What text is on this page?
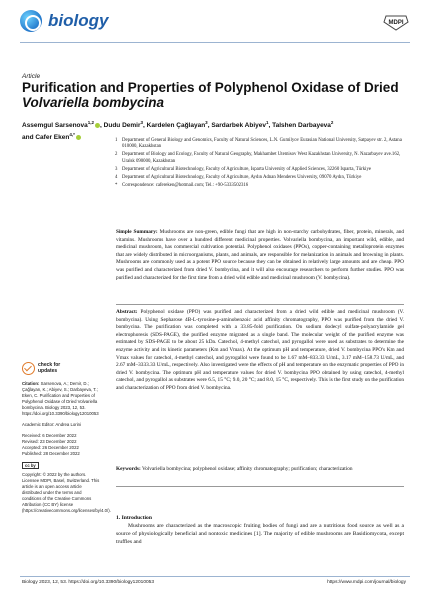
biology	MDPI
Article
Purification and Properties of Polyphenol Oxidase of Dried
Volvariella bombycina
Assemgul Sarsenova$^{1,2}$ , Dudu Demir$^3$, Kardelen Çağlayan$^3$, Sardarbek Abiyev$^1$, Talshen Darbayeva$^2$
and Cafer Eken$^{4,*}$
1 Department of General Biology and Genomics, Faculty of Natural Sciences, L.N. Gumilyov Eurasian National University, Satpayev str. 2, Astana 010000, Kazakhstan
2 Department of Biology and Ecology, Faculty of Natural Geography, Makhambet Utemisov West Kazakhstan University, N. Nazarbayev ave.162, Uralsk 090000, Kazakhstan
3 Department of Agricultural Biotechnology, Faculty of Agriculture, Isparta University of Applied Sciences, 32260 Isparta, Türkiye
4 Department of Agricultural Biotechnology, Faculty of Agriculture, Aydın Adnan Menderes University, 09070 Aydın, Türkiye
* Correspondence: cafereken@hotmail.com; Tel.: +90-5333502316
Simple Summary: Mushrooms are non-green, edible fungi that are high in non-starchy carbohydrates, fiber, protein, minerals, and vitamins. Mushrooms have over a hundred different medicinal properties. Volvariella bombycina, an important wild, edible, and medicinal mushroom, has commercial cultivation potential. Polyphenol oxidases (PPOs), copper-containing metalloprotein enzymes that are widely distributed in microorganisms, plants, and animals, are responsible for melanization in animals and browning in plants. Mushrooms are commonly used as a potent PPO source because they can be obtained in relatively large amounts and are cheap. PPO was purified and characterized from dried V. bombycina, and it will also encourage researchers to perform further studies. PPO was purified and characterized for the first time from a dried wild edible and medicinal mushroom (V. bombycina).
Abstract: Polyphenol oxidase (PPO) was purified and characterized from a dried wild edible and medicinal mushroom (V. bombycina). Using Sepharose 4B-L-tyrosine-p-aminobenzoic acid affinity chromatography, PPO was purified from the dried V. bombycina. The purification was completed with a 33.85-fold purification. On sodium dodecyl sulfate-polyacrylamide gel electrophoresis (SDS-PAGE), the purified enzyme migrated as a single band. The molecular weight of the purified enzyme was estimated by SDS-PAGE to be about 25 kDa. Catechol, 4-methyl catechol, and pyrogallol were used as substrates to determine the enzyme activity and its kinetic parameters (Km and Vmax). At the optimum pH and temperature, dried V. bombycina PPO's Km and Vmax values for catechol, 4-methyl catechol, and pyrogallol were found to be 1.67 mM–833.33 U/mL, 3.17 mM–158.73 U/mL, and 2.67 mM–3333.33 U/mL, respectively. Also investigated were the effects of pH and temperature on the enzymatic properties of PPO in dried V. bombycina. The optimum pH and temperature values for dried V. bombycina PPO obtained by using catechol, 4-methyl catechol, and pyrogallol as substrates were 6.5, 15 °C; 9.0, 20 °C; and 8.0, 15 °C, respectively. This is the first study on the purification and characterization of PPO from dried V. bombycina.
Keywords: Volvariella bombycina; polyphenol oxidase; affinity chromatography; purification; characterization
1. Introduction
Mushrooms are characterized as the macroscopic fruiting bodies of fungi and are a nutritious food source as well as a source of physiologically beneficial and nontoxic medicines [1]. The majority of edible mushrooms are Basidiomycota, except truffles and
check for
updates
Citation: Sarsenova, A.; Demir, D.; Çağlayan, K.; Abiyev, S.; Darbayeva, T.; Eken, C. Purification and Properties of Polyphenol Oxidase of Dried Volvariella bombycina. Biology 2023, 12, 53. https://doi.org/10.3390/biology12010053
Academic Editor: Andrea Lorini
Received: 6 December 2022
Revised: 23 December 2022
Accepted: 26 December 2022
Published: 28 December 2022
cc by
Copyright: © 2022 by the authors. Licensee MDPI, Basel, Switzerland. This article is an open access article distributed under the terms and conditions of the Creative Commons Attribution (CC BY) license (https://creativecommons.org/licenses/by/4.0/).
Biology 2023, 12, 53. https://doi.org/10.3390/biology12010053	https://www.mdpi.com/journal/biology
